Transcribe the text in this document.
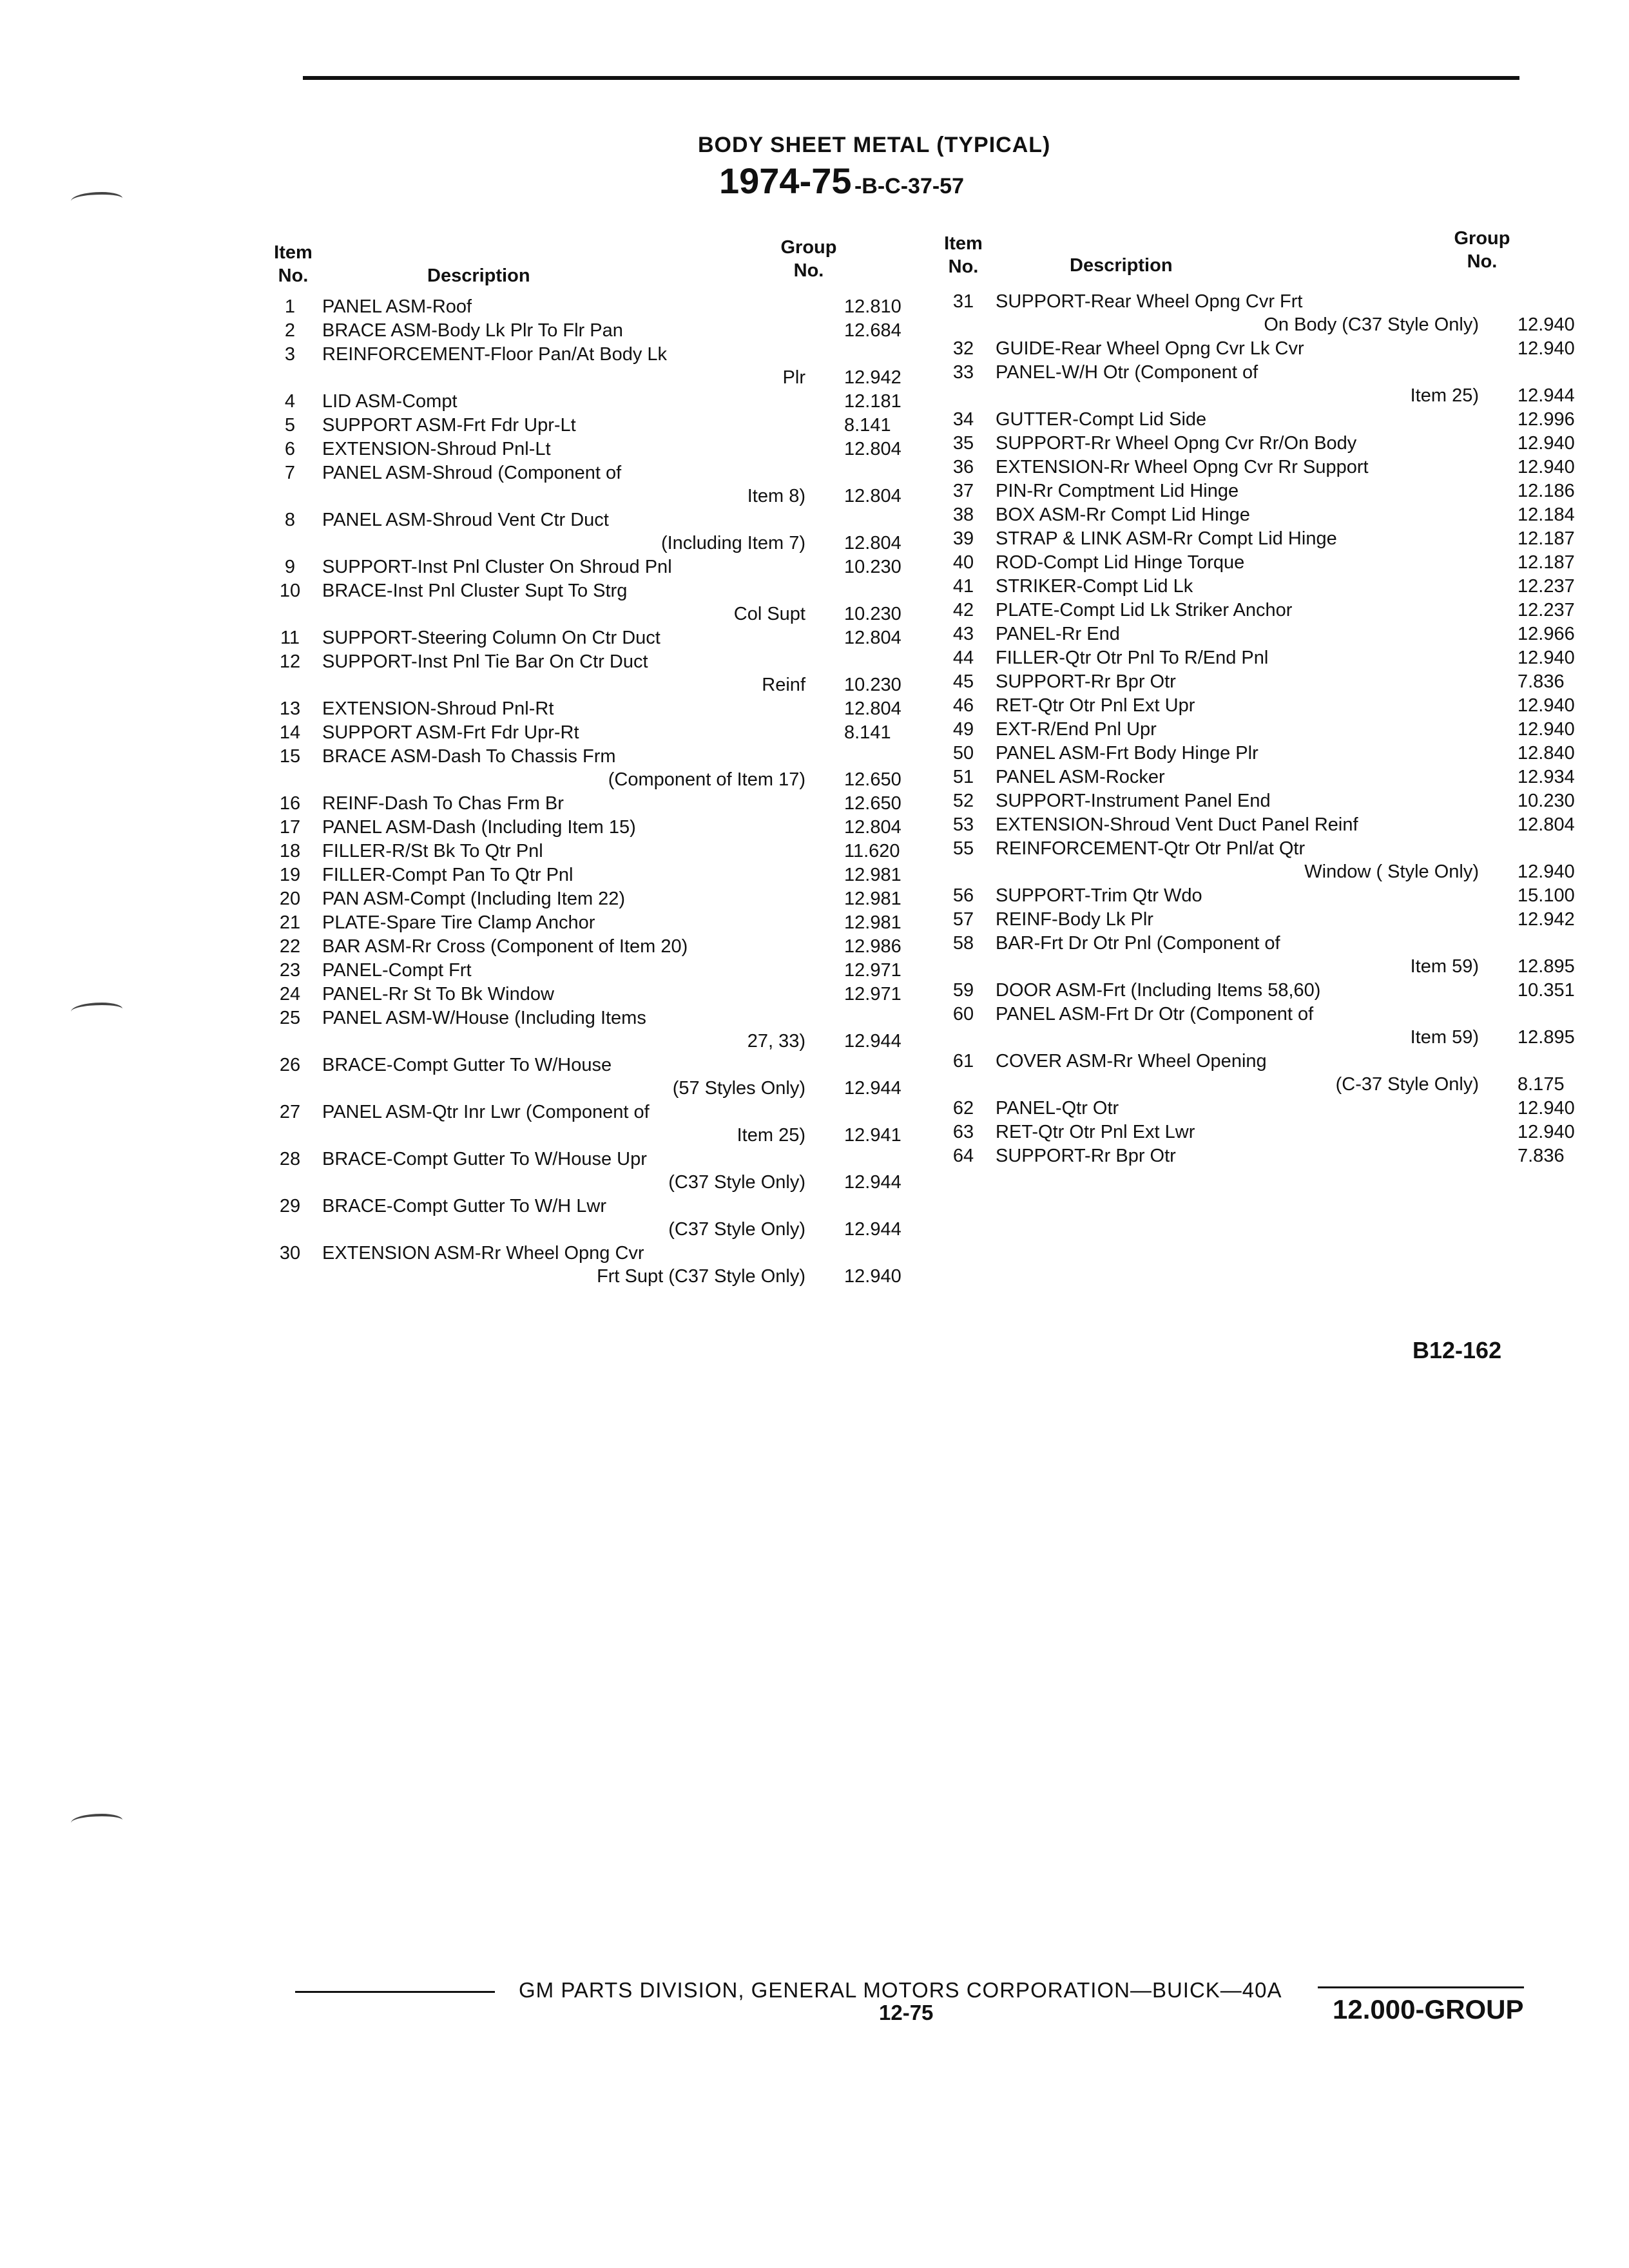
BODY SHEET METAL (TYPICAL)
1974-75 -B-C-37-57
Item
No.	Description
Group
No.
Item
No.	Description
Group
No.
1	PANEL ASM-Roof	12.810
2	BRACE ASM-Body Lk Plr To Flr Pan	12.684
3	REINFORCEMENT-Floor Pan/At Body Lk
Plr	12.942
4	LID ASM-Compt	12.181
5	SUPPORT ASM-Frt Fdr Upr-Lt	8.141
6	EXTENSION-Shroud Pnl-Lt	12.804
7	PANEL ASM-Shroud (Component of
Item 8)	12.804
8	PANEL ASM-Shroud Vent Ctr Duct
(Including Item 7)	12.804
9	SUPPORT-Inst Pnl Cluster On Shroud Pnl	10.230
10	BRACE-Inst Pnl Cluster Supt To Strg
Col Supt	10.230
11	SUPPORT-Steering Column On Ctr Duct	12.804
12	SUPPORT-Inst Pnl Tie Bar On Ctr Duct
Reinf	10.230
13	EXTENSION-Shroud Pnl-Rt	12.804
14	SUPPORT ASM-Frt Fdr Upr-Rt	8.141
15	BRACE ASM-Dash To Chassis Frm
(Component of Item 17)	12.650
16	REINF-Dash To Chas Frm Br	12.650
17	PANEL ASM-Dash (Including Item 15)	12.804
18	FILLER-R/St Bk To Qtr Pnl	11.620
19	FILLER-Compt Pan To Qtr Pnl	12.981
20	PAN ASM-Compt (Including Item 22)	12.981
21	PLATE-Spare Tire Clamp Anchor	12.981
22	BAR ASM-Rr Cross (Component of Item 20)	12.986
23	PANEL-Compt Frt	12.971
24	PANEL-Rr St To Bk Window	12.971
25	PANEL ASM-W/House (Including Items
27, 33)	12.944
26	BRACE-Compt Gutter To W/House
(57 Styles Only)	12.944
27	PANEL ASM-Qtr Inr Lwr (Component of
Item 25)	12.941
28	BRACE-Compt Gutter To W/House Upr
(C37 Style Only)	12.944
29	BRACE-Compt Gutter To W/H Lwr
(C37 Style Only)	12.944
30	EXTENSION ASM-Rr Wheel Opng Cvr
Frt Supt (C37 Style Only)	12.940
31	SUPPORT-Rear Wheel Opng Cvr Frt
On Body (C37 Style Only)	12.940
32	GUIDE-Rear Wheel Opng Cvr Lk Cvr	12.940
33	PANEL-W/H Otr (Component of
Item 25)	12.944
34	GUTTER-Compt Lid Side	12.996
35	SUPPORT-Rr Wheel Opng Cvr Rr/On Body	12.940
36	EXTENSION-Rr Wheel Opng Cvr Rr Support	12.940
37	PIN-Rr Comptment Lid Hinge	12.186
38	BOX ASM-Rr Compt Lid Hinge	12.184
39	STRAP & LINK ASM-Rr Compt Lid Hinge	12.187
40	ROD-Compt Lid Hinge Torque	12.187
41	STRIKER-Compt Lid Lk	12.237
42	PLATE-Compt Lid Lk Striker Anchor	12.237
43	PANEL-Rr End	12.966
44	FILLER-Qtr Otr Pnl To R/End Pnl	12.940
45	SUPPORT-Rr Bpr Otr	7.836
46	RET-Qtr Otr Pnl Ext Upr	12.940
49	EXT-R/End Pnl Upr	12.940
50	PANEL ASM-Frt Body Hinge Plr	12.840
51	PANEL ASM-Rocker	12.934
52	SUPPORT-Instrument Panel End	10.230
53	EXTENSION-Shroud Vent Duct Panel Reinf	12.804
55	REINFORCEMENT-Qtr Otr Pnl/at Qtr
Window ( Style Only)	12.940
56	SUPPORT-Trim Qtr Wdo	15.100
57	REINF-Body Lk Plr	12.942
58	BAR-Frt Dr Otr Pnl (Component of
Item 59)	12.895
59	DOOR ASM-Frt (Including Items 58,60)	10.351
60	PANEL ASM-Frt Dr Otr (Component of
Item 59)	12.895
61	COVER ASM-Rr Wheel Opening
(C-37 Style Only)	8.175
62	PANEL-Qtr Otr	12.940
63	RET-Qtr Otr Pnl Ext Lwr	12.940
64	SUPPORT-Rr Bpr Otr	7.836
B12-162
GM PARTS DIVISION, GENERAL MOTORS CORPORATION—BUICK—40A
12-75	12.000-GROUP
